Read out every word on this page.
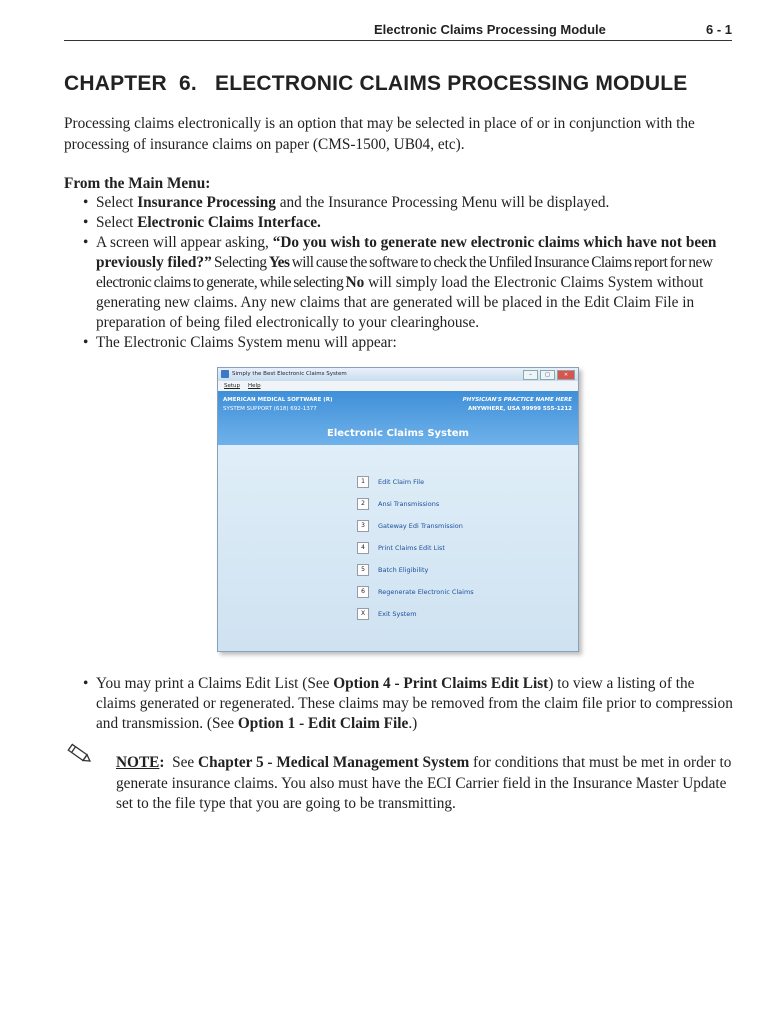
Electronic Claims Processing Module	6 - 1
CHAPTER  6.   ELECTRONIC CLAIMS PROCESSING MODULE
Processing claims electronically is an option that may be selected in place of or in conjunction with the processing of insurance claims on paper (CMS-1500, UB04, etc).
From the Main Menu:
• Select Insurance Processing and the Insurance Processing Menu will be displayed.
• Select Electronic Claims Interface.
• A screen will appear asking, “Do you wish to generate new electronic claims which have not been previously filed?” Selecting Yes will cause the software to check the Unfiled Insurance Claims report for new electronic claims to generate, while selecting No will simply load the Electronic Claims System without generating new claims. Any new claims that are generated will be placed in the Edit Claim File in preparation of being filed electronically to your clearinghouse.
• The Electronic Claims System menu will appear:
Simply the Best Electronic Claims System	–	□	✕
Setup Help
AMERICAN MEDICAL SOFTWARE (R)
SYSTEM SUPPORT (618) 692-1377
PHYSICIAN'S PRACTICE NAME HERE
ANYWHERE, USA 99999 555-1212
Electronic Claims System
1	Edit Claim File
2	Ansi Transmissions
3	Gateway Edi Transmission
4	Print Claims Edit List
5	Batch Eligibility
6	Regenerate Electronic Claims
X	Exit System
• You may print a Claims Edit List (See Option 4 - Print Claims Edit List) to view a listing of the claims generated or regenerated. These claims may be removed from the claim file prior to compression and transmission. (See Option 1 - Edit Claim File.)
NOTE:  See Chapter 5 - Medical Management System for conditions that must be met in order to generate insurance claims. You also must have the ECI Carrier field in the Insurance Master Update set to the file type that you are going to be transmitting.
